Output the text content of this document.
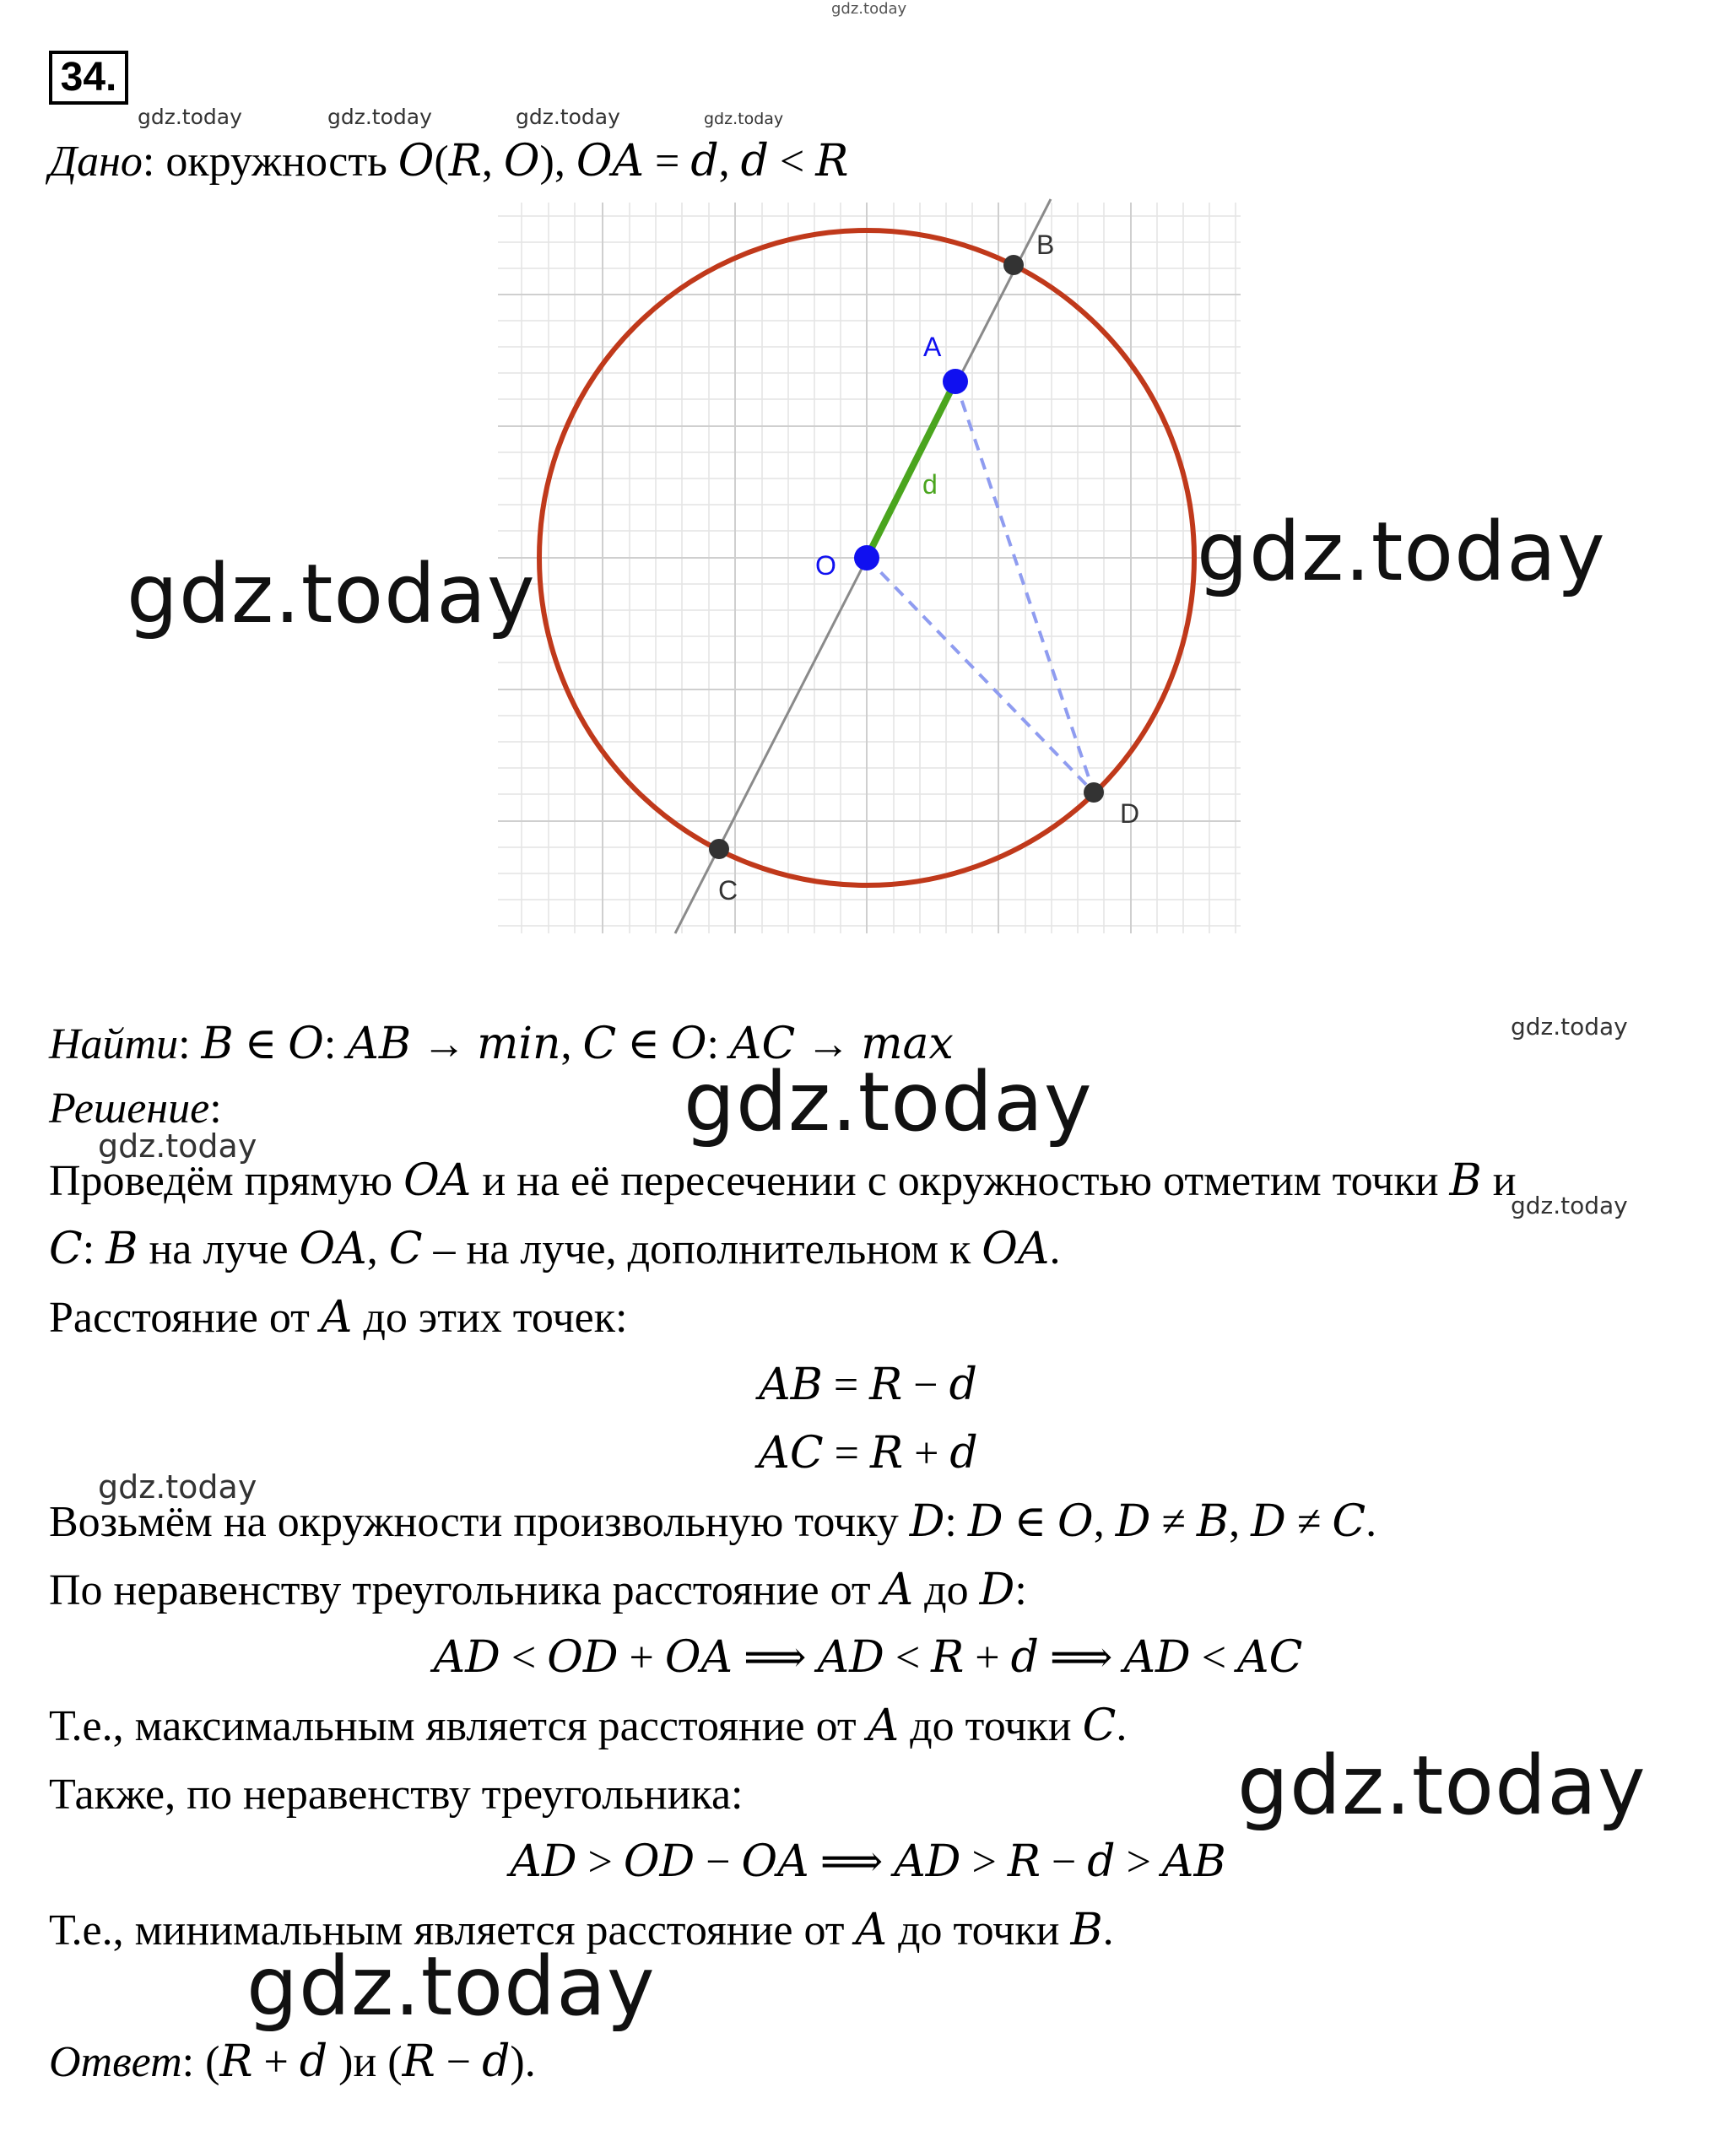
gdz.today
34.
gdz.today	gdz.today	gdz.today	gdz.today
Дано: окружность 𝑂(𝑅, 𝑂), 𝑂𝐴 = 𝑑, 𝑑 < 𝑅
B
A
d
O
D
C
gdz.today	gdz.today
Найти: 𝐵 ∈ 𝑂: 𝐴𝐵 → 𝑚𝑖𝑛, 𝐶 ∈ 𝑂: 𝐴𝐶 → 𝑚𝑎𝑥	gdz.today
Решение:	gdz.today
gdz.today
Проведём прямую 𝑂𝐴 и на её пересечении с окружностью отметим точки 𝐵 и
gdz.today
𝐶: 𝐵 на луче 𝑂𝐴, 𝐶 – на луче, дополнительном к 𝑂𝐴.
Расстояние от 𝐴 до этих точек:
𝐴𝐵 = 𝑅 − 𝑑
𝐴𝐶 = 𝑅 + 𝑑
gdz.today
Возьмём на окружности произвольную точку 𝐷: 𝐷 ∈ 𝑂, 𝐷 ≠ 𝐵, 𝐷 ≠ 𝐶.
По неравенству треугольника расстояние от 𝐴 до 𝐷:
𝐴𝐷 < 𝑂𝐷 + 𝑂𝐴 ⟹ 𝐴𝐷 < 𝑅 + 𝑑 ⟹ 𝐴𝐷 < 𝐴𝐶
Т.е., максимальным является расстояние от 𝐴 до точки 𝐶.
Также, по неравенству треугольника:	gdz.today
𝐴𝐷 > 𝑂𝐷 − 𝑂𝐴 ⟹ 𝐴𝐷 > 𝑅 − 𝑑 > 𝐴𝐵
Т.е., минимальным является расстояние от 𝐴 до точки 𝐵.
gdz.today
Ответ: (𝑅 + 𝑑 )и (𝑅 − 𝑑).
